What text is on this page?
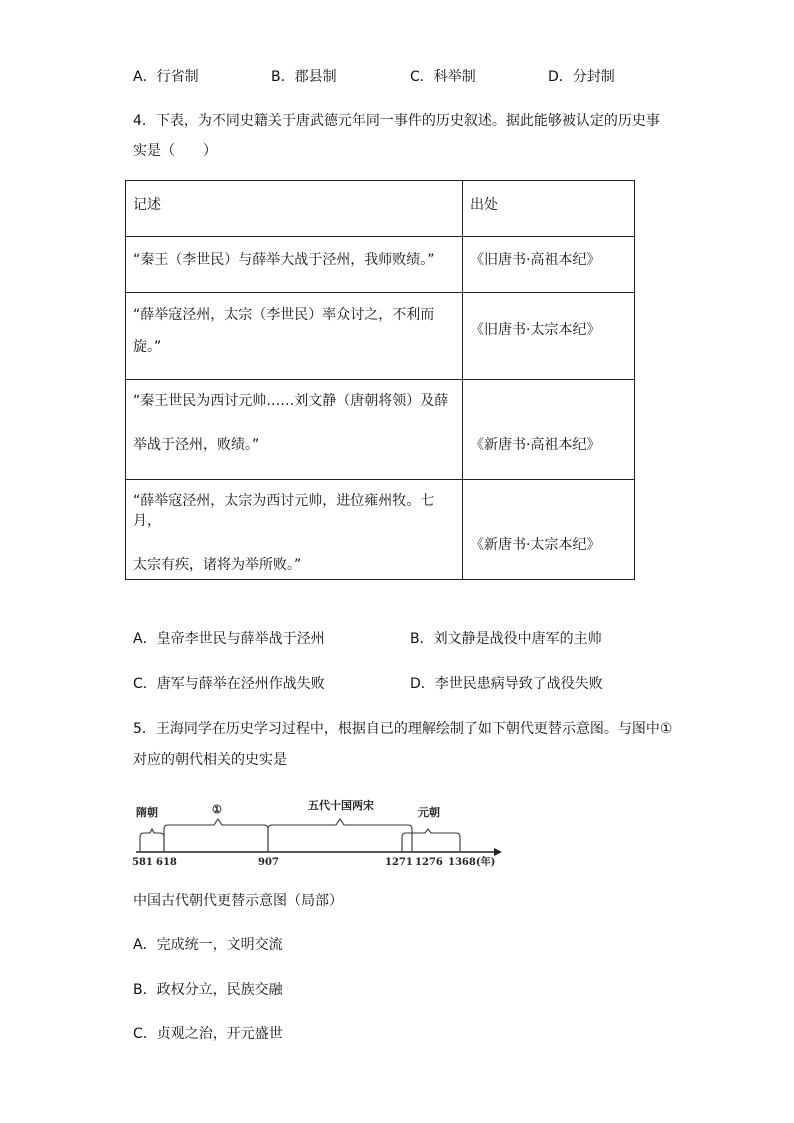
A．行省制	B．郡县制	C．科举制	D．分封制
4．下表，为不同史籍关于唐武德元年同一事件的历史叙述。据此能够被认定的历史事
实是（　　）
记述	出处

“秦王（李世民）与薛举大战于泾州，我师败绩。”	《旧唐书·高祖本纪》

“薛举寇泾州，太宗（李世民）率众讨之，不利而
旋。”	《旧唐书·太宗本纪》

“秦王世民为西讨元帅……刘文静（唐朝将领）及薛
举战于泾州，败绩。”	《新唐书·高祖本纪》

“薛举寇泾州，太宗为西讨元帅，进位雍州牧。七月，
太宗有疾，诸将为举所败。”	《新唐书·太宗本纪》
A．皇帝李世民与薛举战于泾州	B．刘文静是战役中唐军的主帅
C．唐军与薛举在泾州作战失败	D．李世民患病导致了战役失败
5．王海同学在历史学习过程中，根据自已的理解绘制了如下朝代更替示意图。与图中①
对应的朝代相关的史实是
隋朝	①	五代十国两宋
元朝
581 618	907	1271 1276 1368(年)
中国古代朝代更替示意图（局部）
A．完成统一，文明交流
B．政权分立，民族交融
C．贞观之治，开元盛世
